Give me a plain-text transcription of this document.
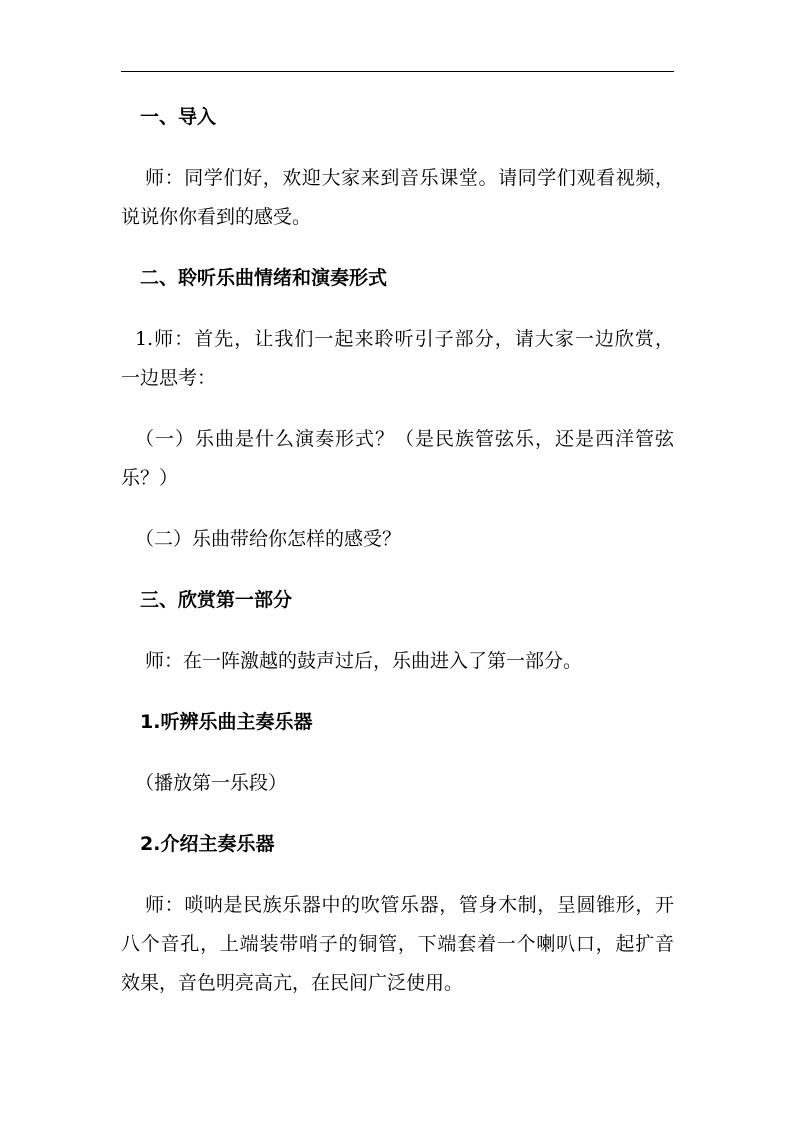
一、导入
师：同学们好，欢迎大家来到音乐课堂。请同学们观看视频，
说说你你看到的感受。
二、聆听乐曲情绪和演奏形式
1.师：首先，让我们一起来聆听引子部分，请大家一边欣赏，
一边思考：
（一）乐曲是什么演奏形式？（是民族管弦乐，还是西洋管弦
乐？）
（二）乐曲带给你怎样的感受？
三、欣赏第一部分
师：在一阵激越的鼓声过后，乐曲进入了第一部分。
1.听辨乐曲主奏乐器
（播放第一乐段）
2.介绍主奏乐器
师：唢呐是民族乐器中的吹管乐器，管身木制，呈圆锥形，开
八个音孔，上端装带哨子的铜管，下端套着一个喇叭口，起扩音
效果，音色明亮高亢，在民间广泛使用。
